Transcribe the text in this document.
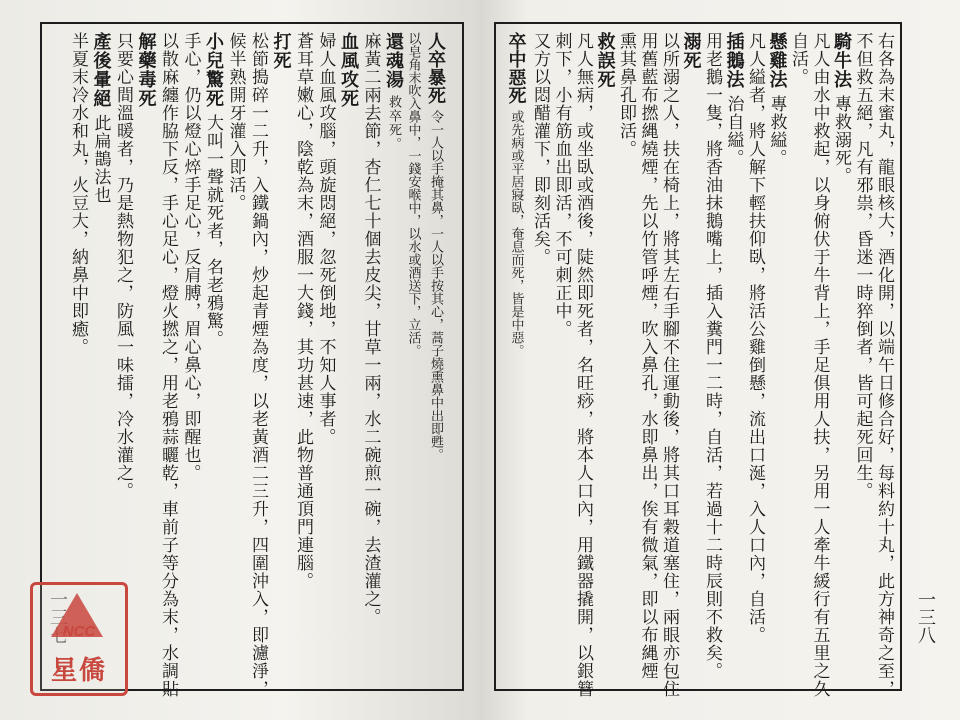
一三七
半夏末冷水和丸，火豆大，納鼻中即癒。 產後暈絕此扁鵲法也 只要心間溫暖者，乃是熱物犯之，防風一味擂，冷水灌之。 解藥毒死 以散麻纏作脇下反，手心足心，燈火撚之，用老鴉蒜曬乾，車前子等分為末，水調貼 手心，仍以燈心焠手足心，反肩膊，眉心鼻心，即醒也。 小兒驚死大叫一聲就死者，名老鴉驚。 候半熟開牙灌入即活。 松節搗碎一二升，入鐵鍋內，炒起青煙為度，以老黃酒二三升，四圍沖入，即濾淨， 打死 蒼耳草嫩心，陰乾為末，酒服一大錢，其功甚速，此物普通頂門連腦。 婦人血風攻腦，頭旋悶絕，忽死倒地，不知人事者。 血風攻死 麻黃二兩去節，杏仁七十個去皮尖，甘草一兩，水二碗煎一碗，去渣灌之。 還魂湯救卒死。 以皂角末吹入鼻中，一錢安喉中，以水或酒送下，立活。 人卒暴死令一人以手掩其鼻，一人以手按其心，蒿子燒熏鼻中出即甦。
一三八
右各為末蜜丸，龍眼核大，酒化開，以端午日修合好，每料約十丸，此方神奇之至，
不但救五絕，凡有邪祟，昏迷一時猝倒者，皆可起死回生。
騎牛法專救溺死。
凡人由水中救起，以身俯伏于牛背上，手足俱用人扶，另用一人牽牛緩行有五里之久
自活。
懸雞法專救縊。
凡人縊者，將人解下輕扶仰臥，將活公雞倒懸，流出口涎，入人口內，自活。
插鵝法治自縊。
用老鵝一隻，將香油抹鵝嘴上，插入糞門一二時，自活，若過十二時辰則不救矣。
溺死
以所溺之人，扶在椅上，將其左右手腳不住運動後，將其口耳穀道塞住，兩眼亦包住
用舊藍布撚縄燒煙，先以竹管呼煙，吹入鼻孔，水即鼻出，俟有微氣，即以布縄煙
熏其鼻孔即活。
救誤死
凡人無病，或坐臥或酒後，陡然即死者，名旺痧，將本人口內，用鐵器撬開，以銀簪
刺下，小有筋血出即活，不可刺正中。
又方以悶醋灌下，即刻活矣。
卒中惡死或先病或平居寢臥，奄息而死，皆是中惡。
NCC
星僑
